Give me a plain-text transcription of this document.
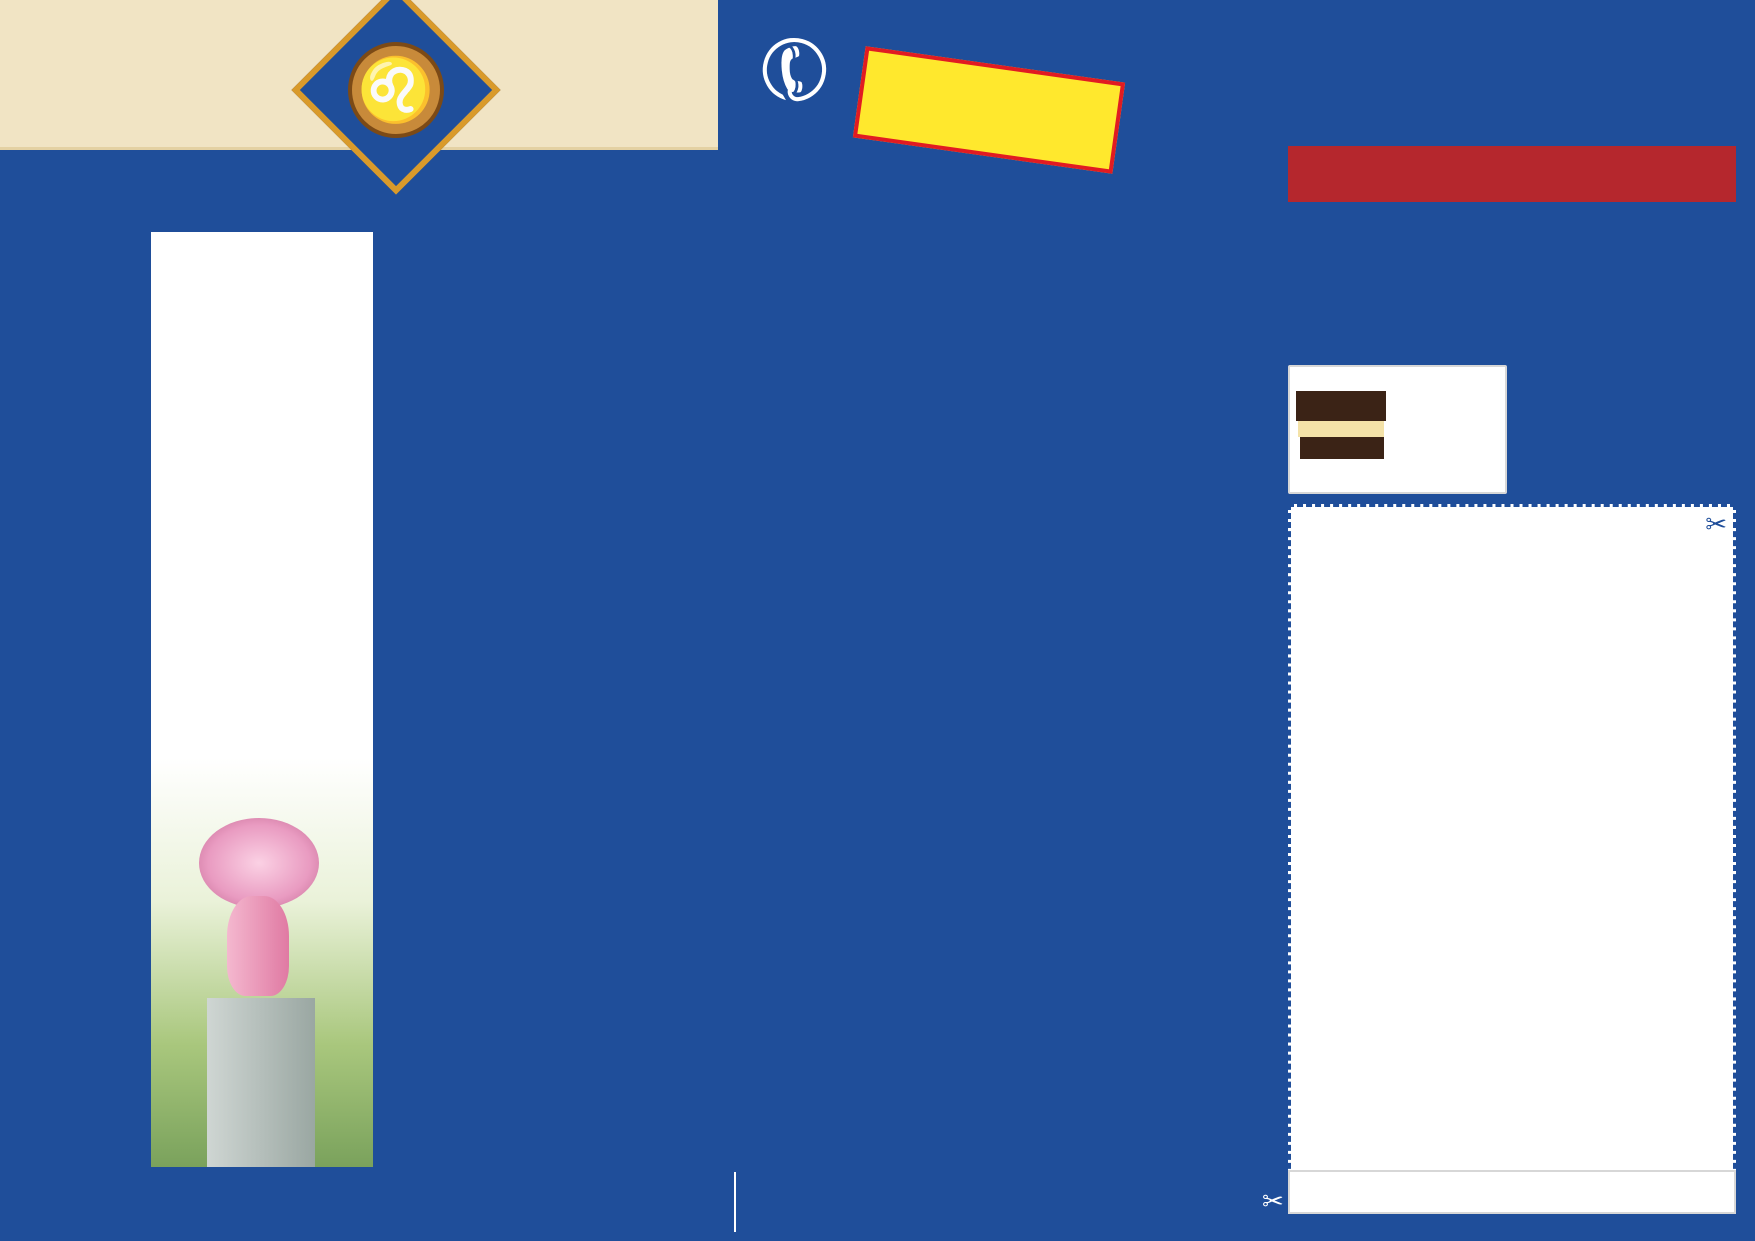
♌	✆
✂
✂
